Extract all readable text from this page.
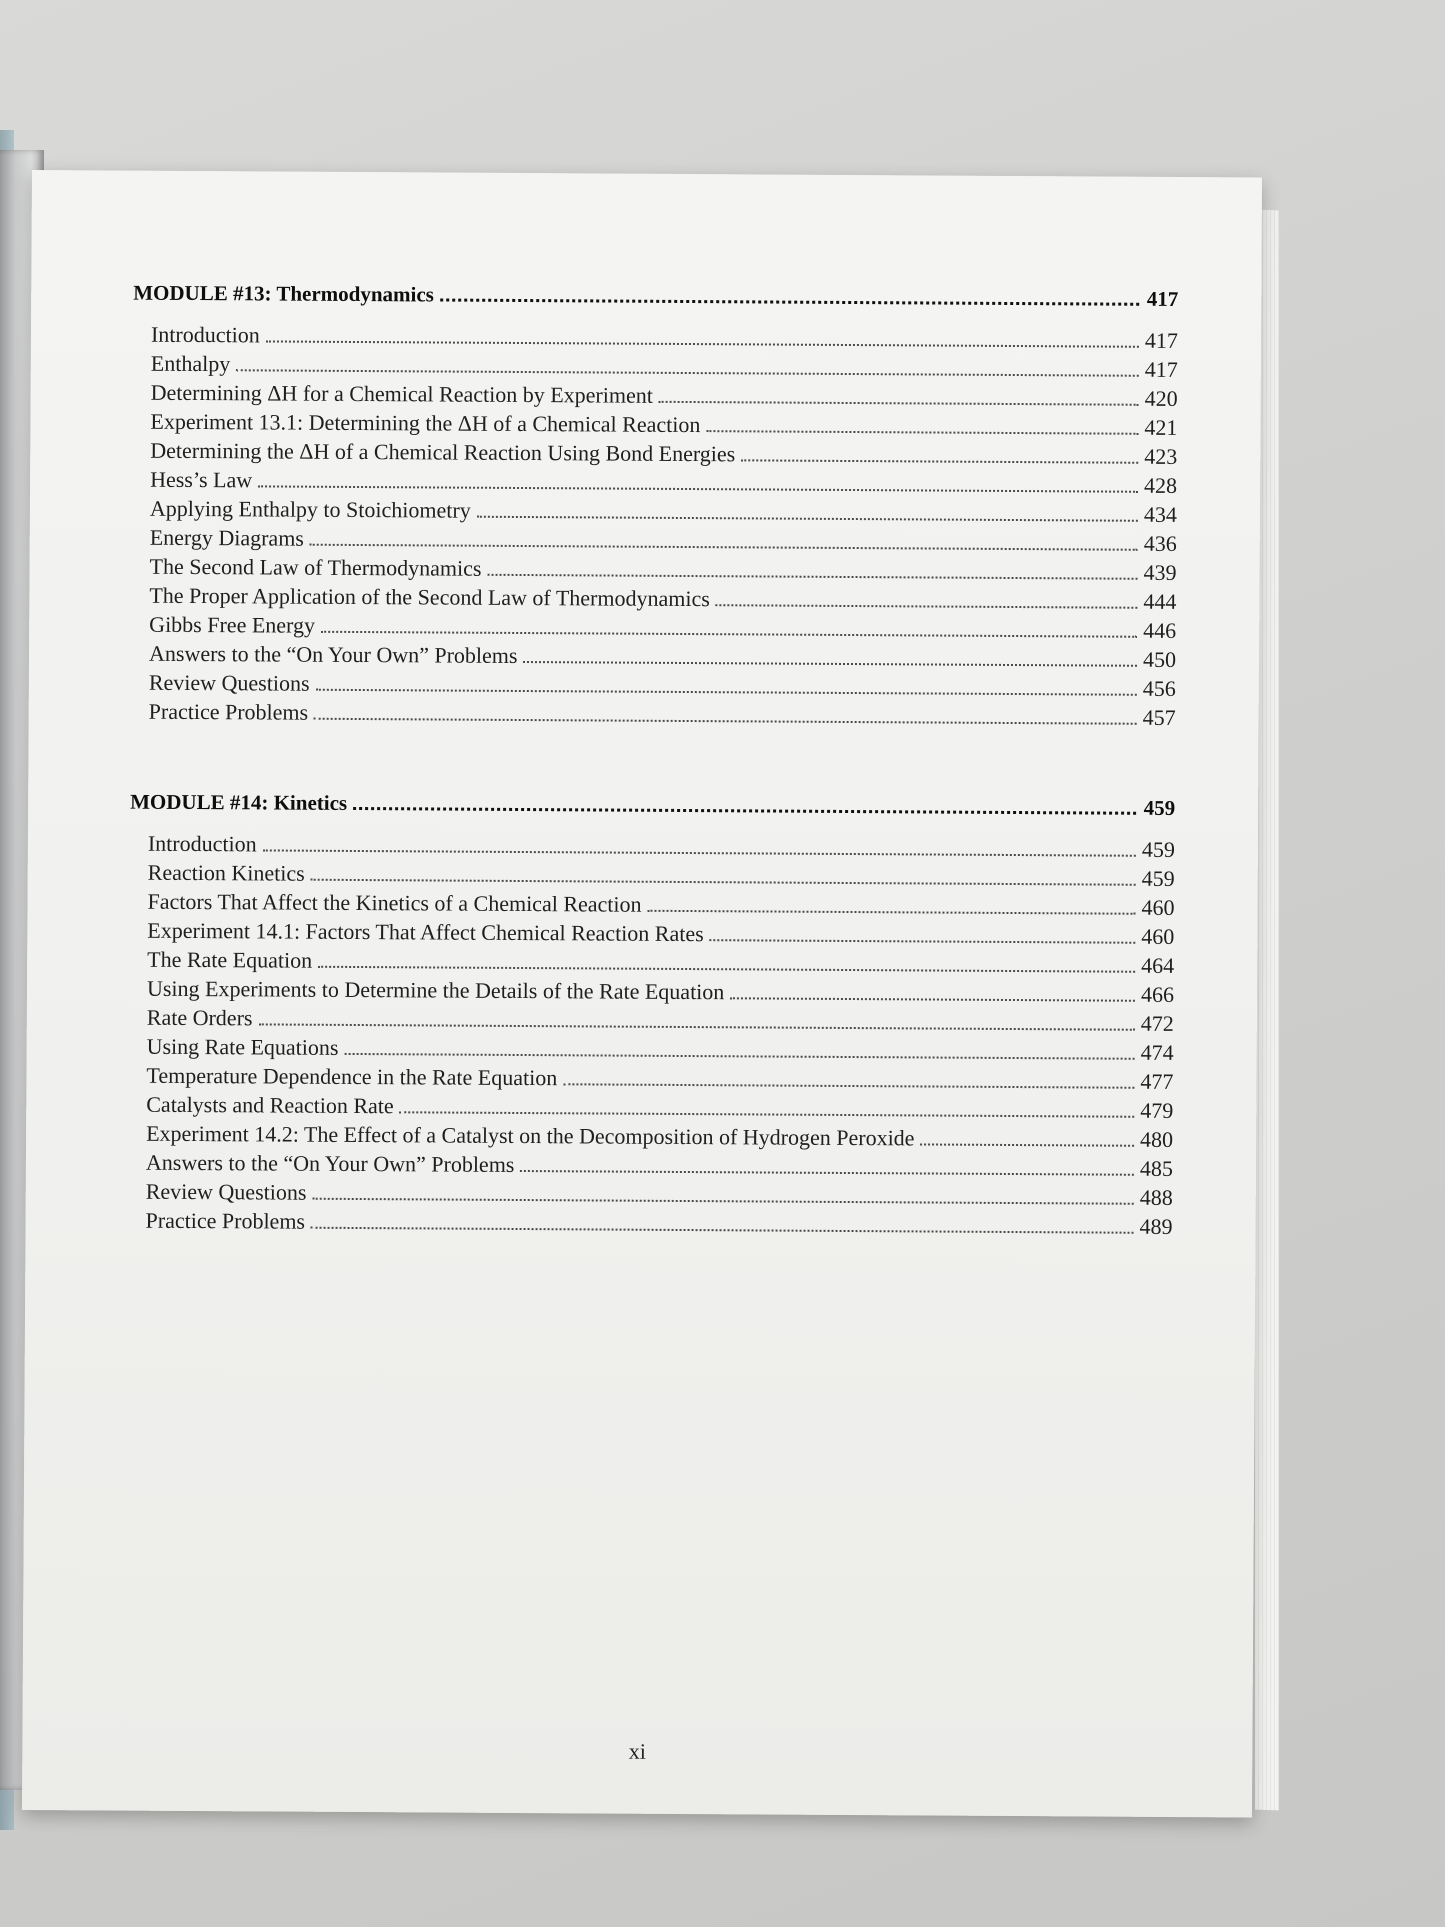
MODULE #13: Thermodynamics	417
Introduction	417
Enthalpy	417
Determining ΔH for a Chemical Reaction by Experiment	420
Experiment 13.1: Determining the ΔH of a Chemical Reaction	421
Determining the ΔH of a Chemical Reaction Using Bond Energies	423
Hess’s Law	428
Applying Enthalpy to Stoichiometry	434
Energy Diagrams	436
The Second Law of Thermodynamics	439
The Proper Application of the Second Law of Thermodynamics	444
Gibbs Free Energy	446
Answers to the “On Your Own” Problems	450
Review Questions	456
Practice Problems	457
MODULE #14: Kinetics	459
Introduction	459
Reaction Kinetics	459
Factors That Affect the Kinetics of a Chemical Reaction	460
Experiment 14.1: Factors That Affect Chemical Reaction Rates	460
The Rate Equation	464
Using Experiments to Determine the Details of the Rate Equation	466
Rate Orders	472
Using Rate Equations	474
Temperature Dependence in the Rate Equation	477
Catalysts and Reaction Rate	479
Experiment 14.2: The Effect of a Catalyst on the Decomposition of Hydrogen Peroxide	480
Answers to the “On Your Own” Problems	485
Review Questions	488
Practice Problems	489
xi
